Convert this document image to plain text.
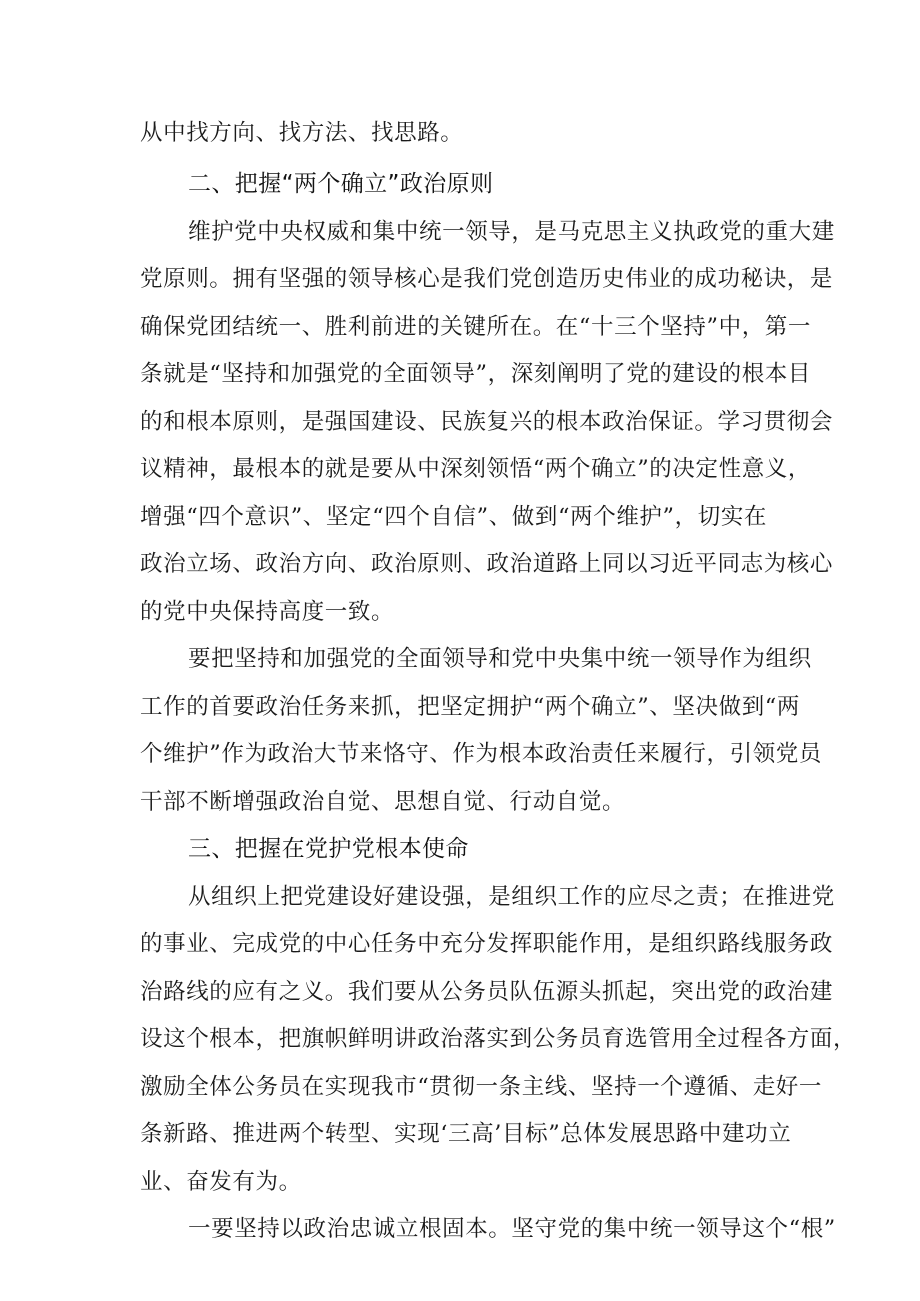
从中找方向、找方法、找思路。
二、把握“两个确立”政治原则
维护党中央权威和集中统一领导，是马克思主义执政党的重大建
党原则。拥有坚强的领导核心是我们党创造历史伟业的成功秘诀，是
确保党团结统一、胜利前进的关键所在。在“十三个坚持”中，第一
条就是“坚持和加强党的全面领导”，深刻阐明了党的建设的根本目
的和根本原则，是强国建设、民族复兴的根本政治保证。学习贯彻会
议精神，最根本的就是要从中深刻领悟“两个确立”的决定性意义，
增强“四个意识”、坚定“四个自信”、做到“两个维护”，切实在
政治立场、政治方向、政治原则、政治道路上同以习近平同志为核心
的党中央保持高度一致。
要把坚持和加强党的全面领导和党中央集中统一领导作为组织
工作的首要政治任务来抓，把坚定拥护“两个确立”、坚决做到“两
个维护”作为政治大节来恪守、作为根本政治责任来履行，引领党员
干部不断增强政治自觉、思想自觉、行动自觉。
三、把握在党护党根本使命
从组织上把党建设好建设强，是组织工作的应尽之责；在推进党
的事业、完成党的中心任务中充分发挥职能作用，是组织路线服务政
治路线的应有之义。我们要从公务员队伍源头抓起，突出党的政治建
设这个根本，把旗帜鲜明讲政治落实到公务员育选管用全过程各方面，
激励全体公务员在实现我市“贯彻一条主线、坚持一个遵循、走好一
条新路、推进两个转型、实现‘三高’目标”总体发展思路中建功立
业、奋发有为。
一要坚持以政治忠诚立根固本。坚守党的集中统一领导这个“根”
